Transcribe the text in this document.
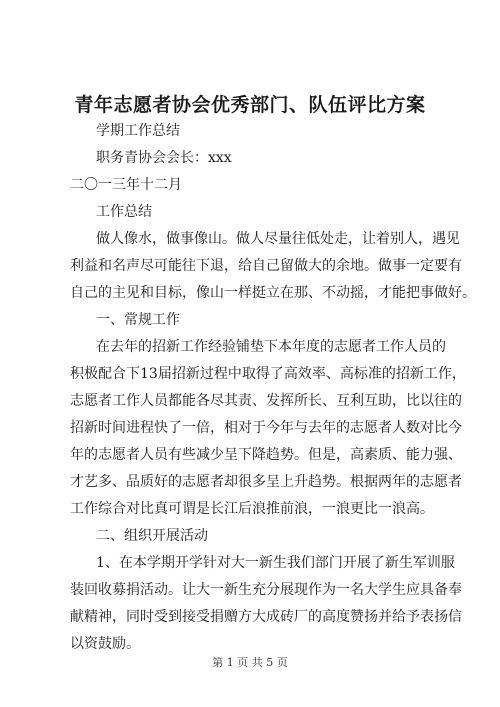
青年志愿者协会优秀部门、队伍评比方案

学期工作总结

职务青协会会长：xxx

二〇一三年十二月

工作总结

做人像水，做事像山。做人尽量往低处走，让着别人，遇见

利益和名声尽可能往下退，给自己留做大的余地。做事一定要有

自己的主见和目标，像山一样挺立在那、不动摇，才能把事做好。

一、常规工作

在去年的招新工作经验铺垫下本年度的志愿者工作人员的

积极配合下13届招新过程中取得了高效率、高标准的招新工作，

志愿者工作人员都能各尽其责、发挥所长、互利互助，比以往的

招新时间进程快了一倍，相对于今年与去年的志愿者人数对比今

年的志愿者人员有些减少呈下降趋势。但是，高素质、能力强、

才艺多、品质好的志愿者却很多呈上升趋势。根据两年的志愿者

工作综合对比真可谓是长江后浪推前浪，一浪更比一浪高。

二、组织开展活动

1、在本学期开学针对大一新生我们部门开展了新生军训服

装回收募捐活动。让大一新生充分展现作为一名大学生应具备奉

献精神，同时受到接受捐赠方大成砖厂的高度赞扬并给予表扬信

以资鼓励。

第 1 页 共 5 页
